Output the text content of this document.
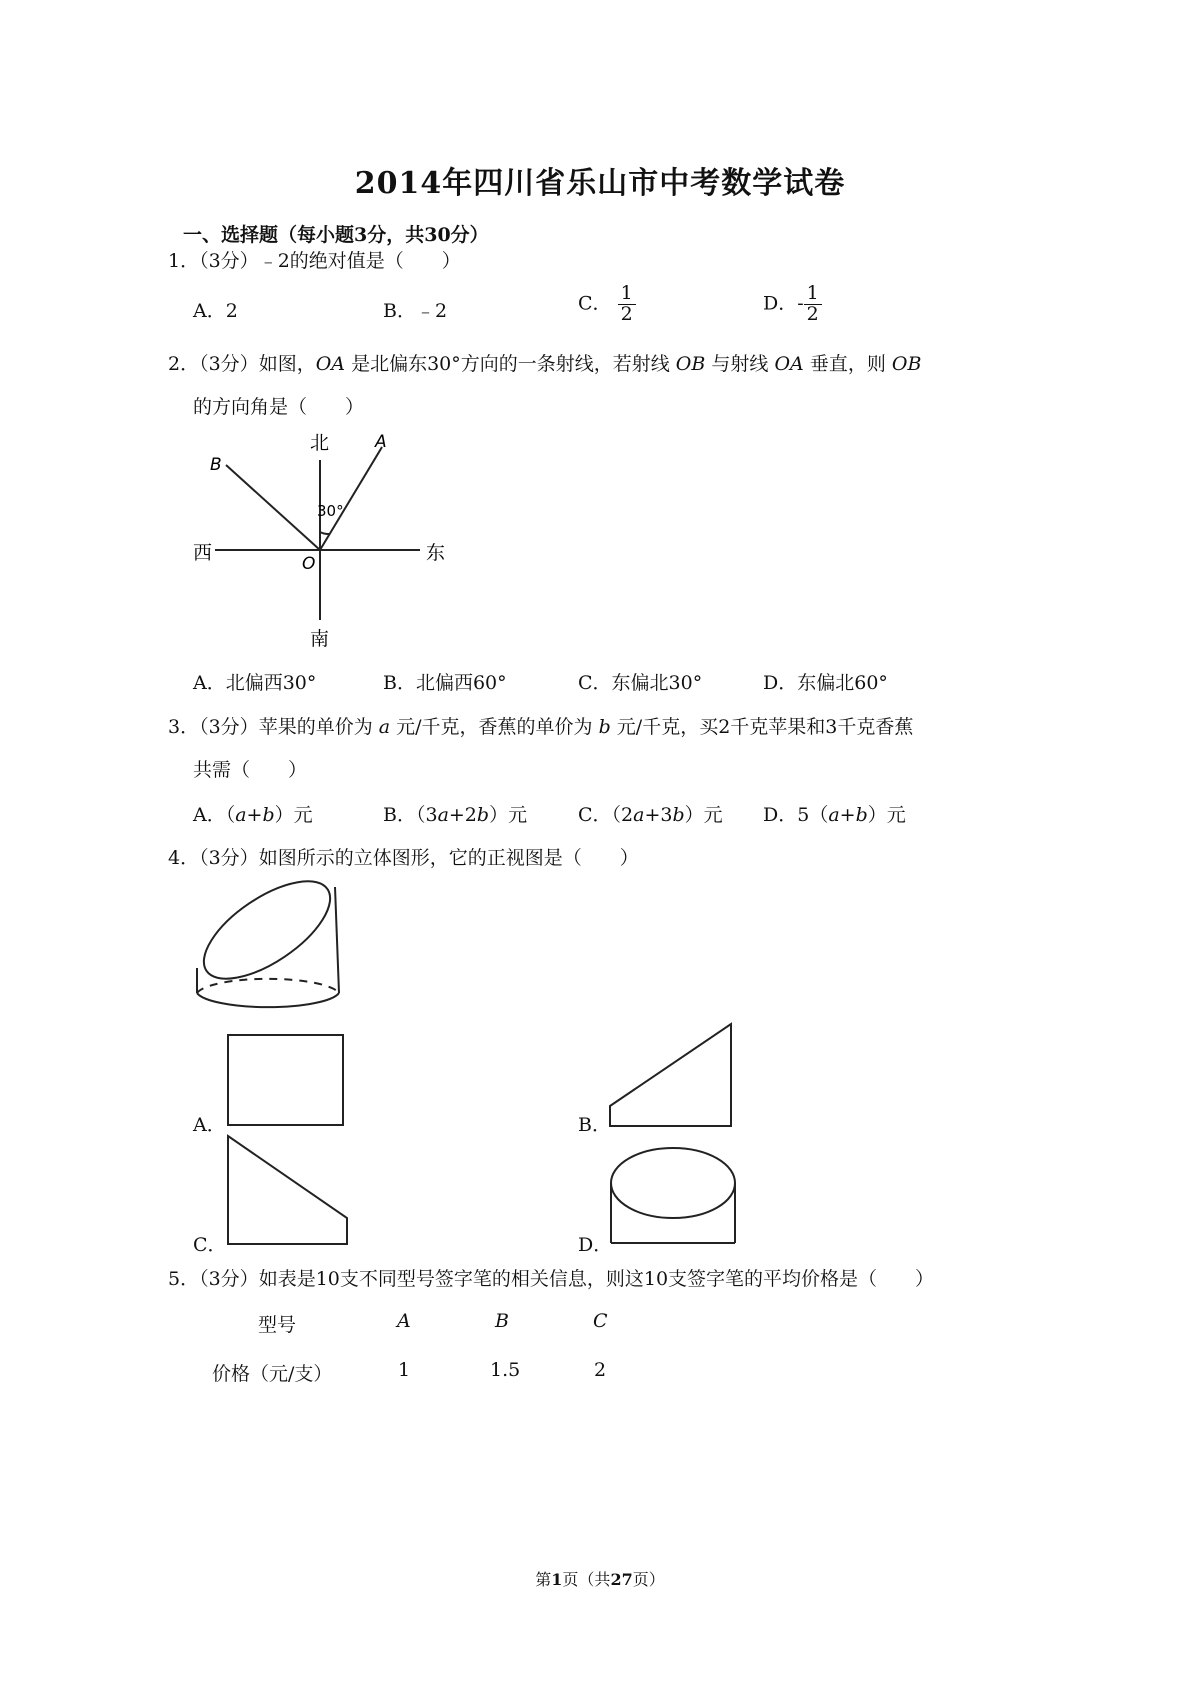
2014年四川省乐山市中考数学试卷
一、选择题（每小题3分，共30分）
1．（3分）﹣2的绝对值是（　　）
A．2	B．﹣2	C． $\frac{1}{2}$	D．- $\frac{1}{2}$
2．（3分）如图，OA 是北偏东30°方向的一条射线，若射线 OB 与射线 OA 垂直，则 OB
的方向角是（　　）
北
南
东
西
A
B
O
30°
A．北偏西30°	B．北偏西60°	C．东偏北30°	D．东偏北60°
3．（3分）苹果的单价为 a 元/千克，香蕉的单价为 b 元/千克，买2千克苹果和3千克香蕉
共需（　　）
A．（a+b）元	B．（3a+2b）元	C．（2a+3b）元 D．5（a+b）元
4．（3分）如图所示的立体图形，它的正视图是（　　）
A．	B．
C．	D．
5．（3分）如表是10支不同型号签字笔的相关信息，则这10支签字笔的平均价格是（　　）
型号	A	B	C
价格（元/支）	1	1.5	2
第1页（共27页）
